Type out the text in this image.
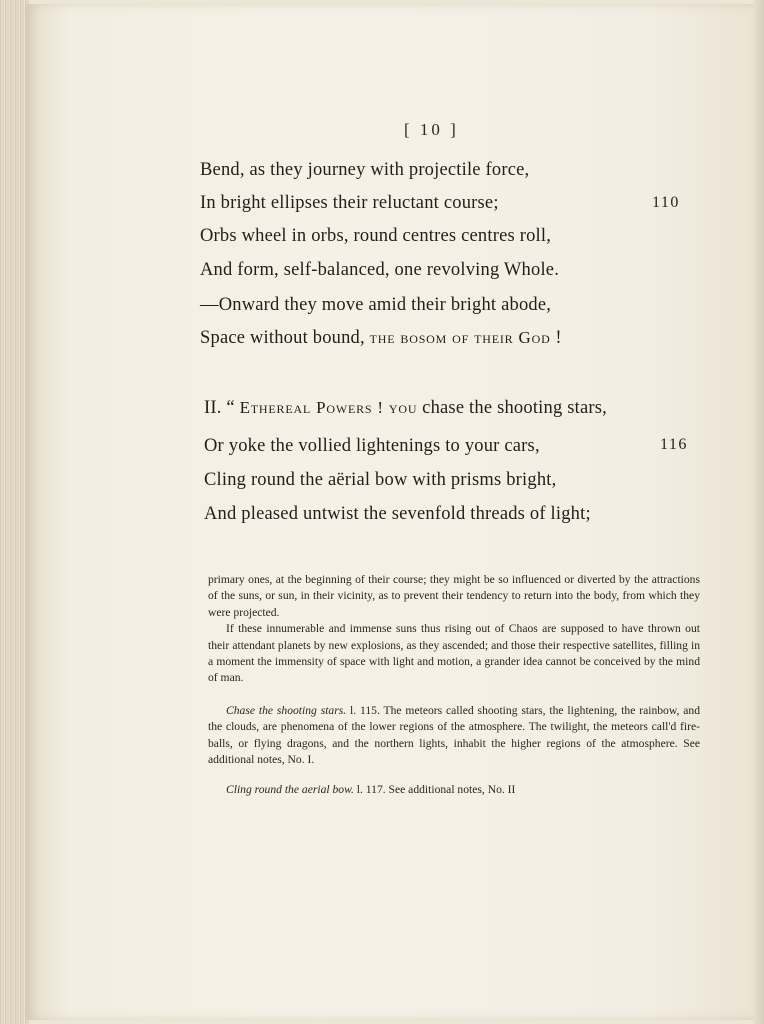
[ 10 ]
Bend, as they journey with projectile force,
In bright ellipses their reluctant course;	110
Orbs wheel in orbs, round centres centres roll,
And form, self-balanced, one revolving Whole.
—Onward they move amid their bright abode,
Space without bound, the bosom of their God !
II. “ Ethereal Powers ! you chase the shooting stars,
Or yoke the vollied lightenings to your cars,	116
Cling round the aërial bow with prisms bright,
And pleased untwist the sevenfold threads of light;

primary ones, at the beginning of their course; they might be so influenced or diverted by the attractions of the suns, or sun, in their vicinity, as to prevent their tendency to return into the body, from which they were projected.

If these innumerable and immense suns thus rising out of Chaos are supposed to have thrown out their attendant planets by new explosions, as they ascended; and those their respective satellites, filling in a moment the immensity of space with light and motion, a grander idea cannot be conceived by the mind of man.

Chase the shooting stars. l. 115. The meteors called shooting stars, the lightening, the rainbow, and the clouds, are phenomena of the lower regions of the atmosphere. The twilight, the meteors call'd fire-balls, or flying dragons, and the northern lights, inhabit the higher regions of the atmosphere. See additional notes, No. I.

Cling round the aerial bow. l. 117. See additional notes, No. II
